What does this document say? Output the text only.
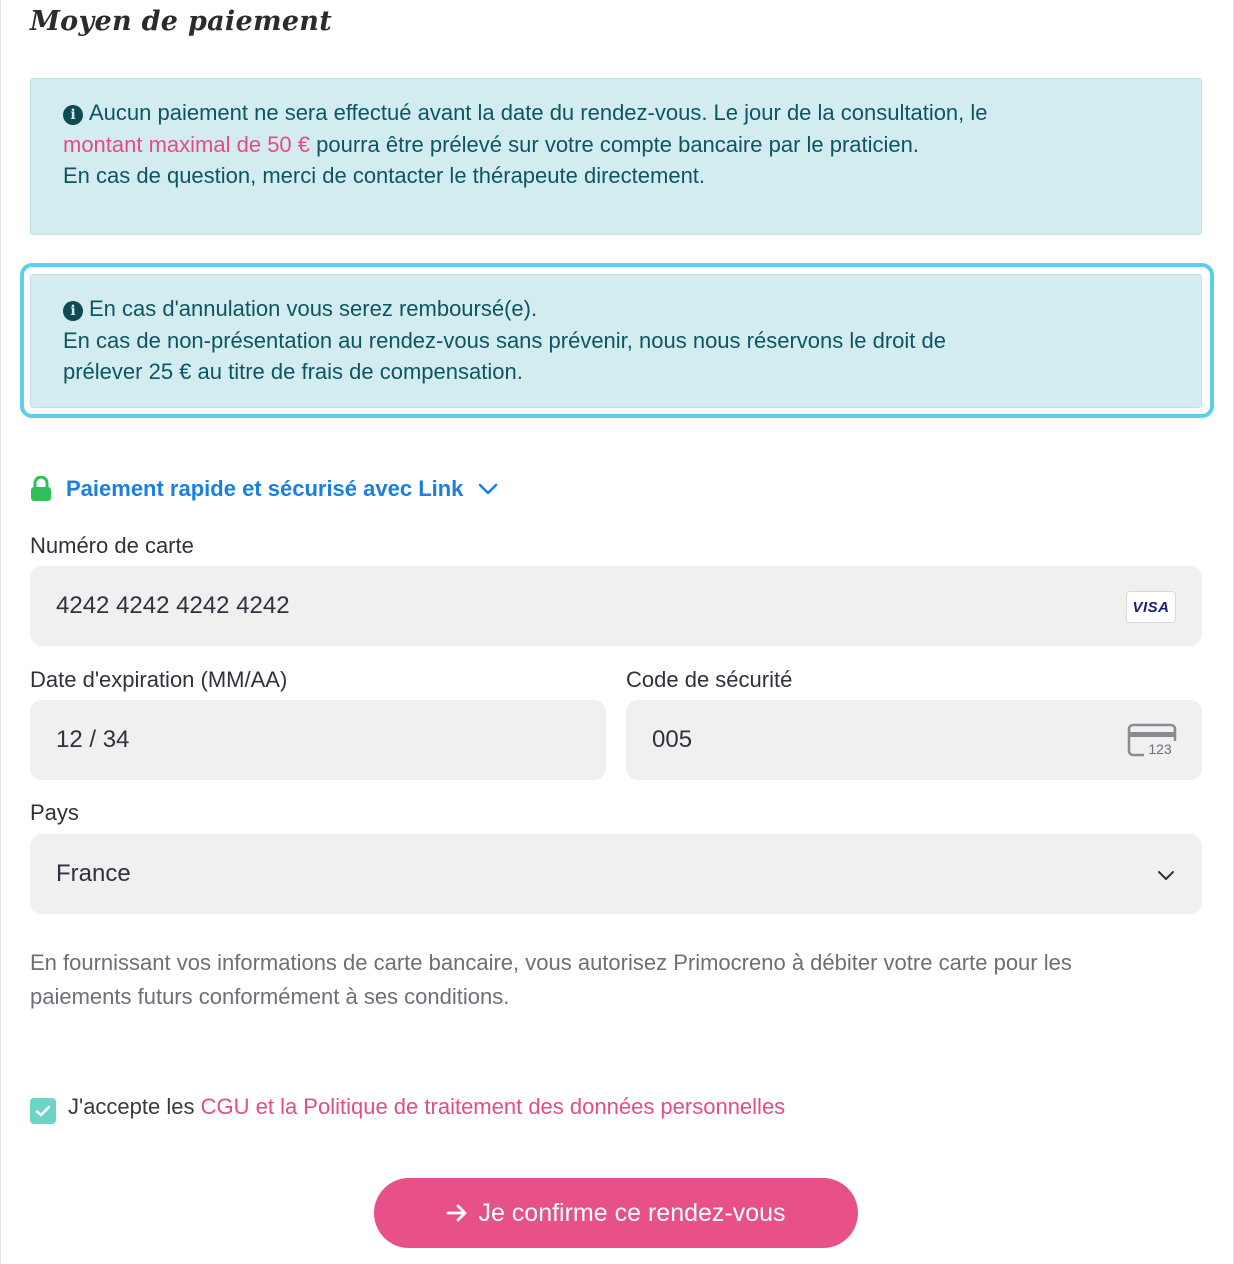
Moyen de paiement
i Aucun paiement ne sera effectué avant la date du rendez-vous. Le jour de la consultation, le
montant maximal de 50 € pourra être prélevé sur votre compte bancaire par le praticien.
En cas de question, merci de contacter le thérapeute directement.
i En cas d'annulation vous serez remboursé(e).
En cas de non-présentation au rendez-vous sans prévenir, nous nous réservons le droit de
prélever 25 € au titre de frais de compensation.
Paiement rapide et sécurisé avec Link
Numéro de carte
4242 4242 4242 4242	VISA
Date d'expiration (MM/AA)
12 / 34
Code de sécurité
005	123
Pays
France
En fournissant vos informations de carte bancaire, vous autorisez Primocreno à débiter votre carte pour les
paiements futurs conformément à ses conditions.
J'accepte les CGU et la Politique de traitement des données personnelles
Je confirme ce rendez-vous
